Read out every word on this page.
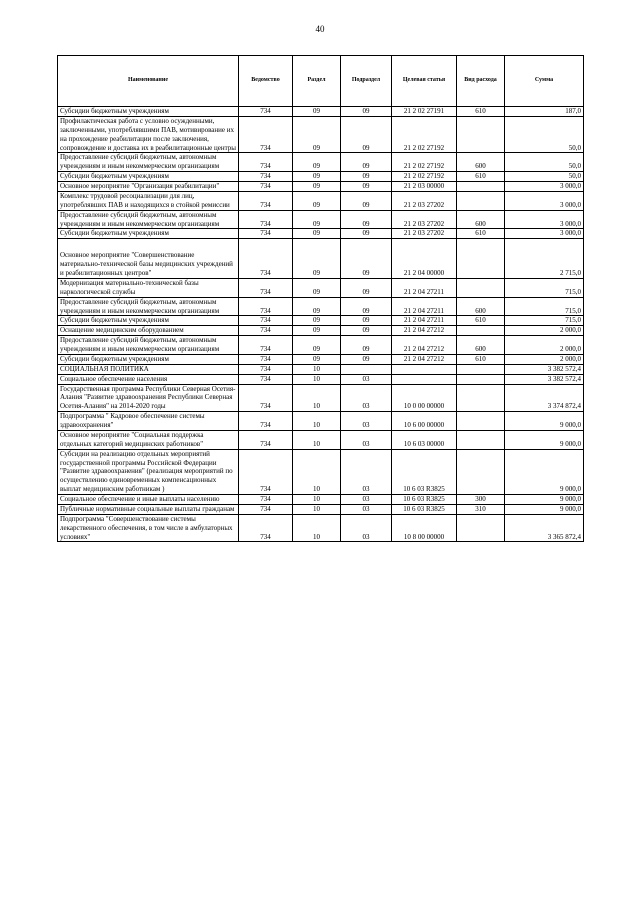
40
Наименование	Ведомство	Раздел	Подраздел	Целевая статья	Вид расхода	Сумма
Субсидии бюджетным учреждениям	734	09	09	21 2 02 27191	610	187,0
Профилактическая работа с условно осужденными, заключенными, употреблявшими ПАВ, мотивирование их на прохождение реабилитации после заключения, сопровождение и доставка их в реабилитационные центры	734	09	09	21 2 02 27192		50,0
Предоставление субсидий бюджетным, автономным учреждениям и иным некоммерческим организациям	734	09	09	21 2 02 27192	600	50,0
Субсидии бюджетным учреждениям	734	09	09	21 2 02 27192	610	50,0
Основное мероприятие "Организация реабилитации"	734	09	09	21 2 03 00000		3 000,0
Комплекс трудовой ресоциализации для лиц, употреблявших ПАВ и находящихся в стойкой ремиссии	734	09	09	21 2 03 27202		3 000,0
Предоставление субсидий бюджетным, автономным учреждениям и иным некоммерческим организациям	734	09	09	21 2 03 27202	600	3 000,0
Субсидии бюджетным учреждениям	734	09	09	21 2 03 27202	610	3 000,0
Основное мероприятие "Совершенствование материально-технической базы медицинских учреждений и реабилитационных центров"	734	09	09	21 2 04 00000		2 715,0
Модернизация материально-технической базы наркологической службы	734	09	09	21 2 04 27211		715,0
Предоставление субсидий бюджетным, автономным учреждениям и иным некоммерческим организациям	734	09	09	21 2 04 27211	600	715,0
Субсидии бюджетным учреждениям	734	09	09	21 2 04 27211	610	715,0
Оснащение медицинским оборудованием	734	09	09	21 2 04 27212		2 000,0
Предоставление субсидий бюджетным, автономным учреждениям и иным некоммерческим организациям	734	09	09	21 2 04 27212	600	2 000,0
Субсидии бюджетным учреждениям	734	09	09	21 2 04 27212	610	2 000,0
СОЦИАЛЬНАЯ ПОЛИТИКА	734	10				3 382 572,4
Социальное обеспечение населения	734	10	03			3 382 572,4
Государственная программа Республики Северная Осетия-Алания "Развитие здравоохранения Республики Северная Осетия-Алания" на 2014-2020 годы	734	10	03	10 0 00 00000		3 374 872,4
Подпрограмма " Кадровое обеспечение системы здравоохранения"	734	10	03	10 6 00 00000		9 000,0
Основное мероприятие "Социальная поддержка отдельных категорий медицинских работников"	734	10	03	10 6 03 00000		9 000,0
Субсидии на реализацию отдельных мероприятий государственной программы Российской Федерации "Развитие здравоохранения" (реализация мероприятий по осуществлению единовременных компенсационных выплат медицинским работникам )	734	10	03	10 6 03 R3825		9 000,0
Социальное обеспечение и иные выплаты населению	734	10	03	10 6 03 R3825	300	9 000,0
Публичные нормативные социальные выплаты гражданам	734	10	03	10 6 03 R3825	310	9 000,0
Подпрограмма "Совершенствование системы лекарственного обеспечения, в том числе в амбулаторных условиях"	734	10	03	10 8 00 00000		3 365 872,4
